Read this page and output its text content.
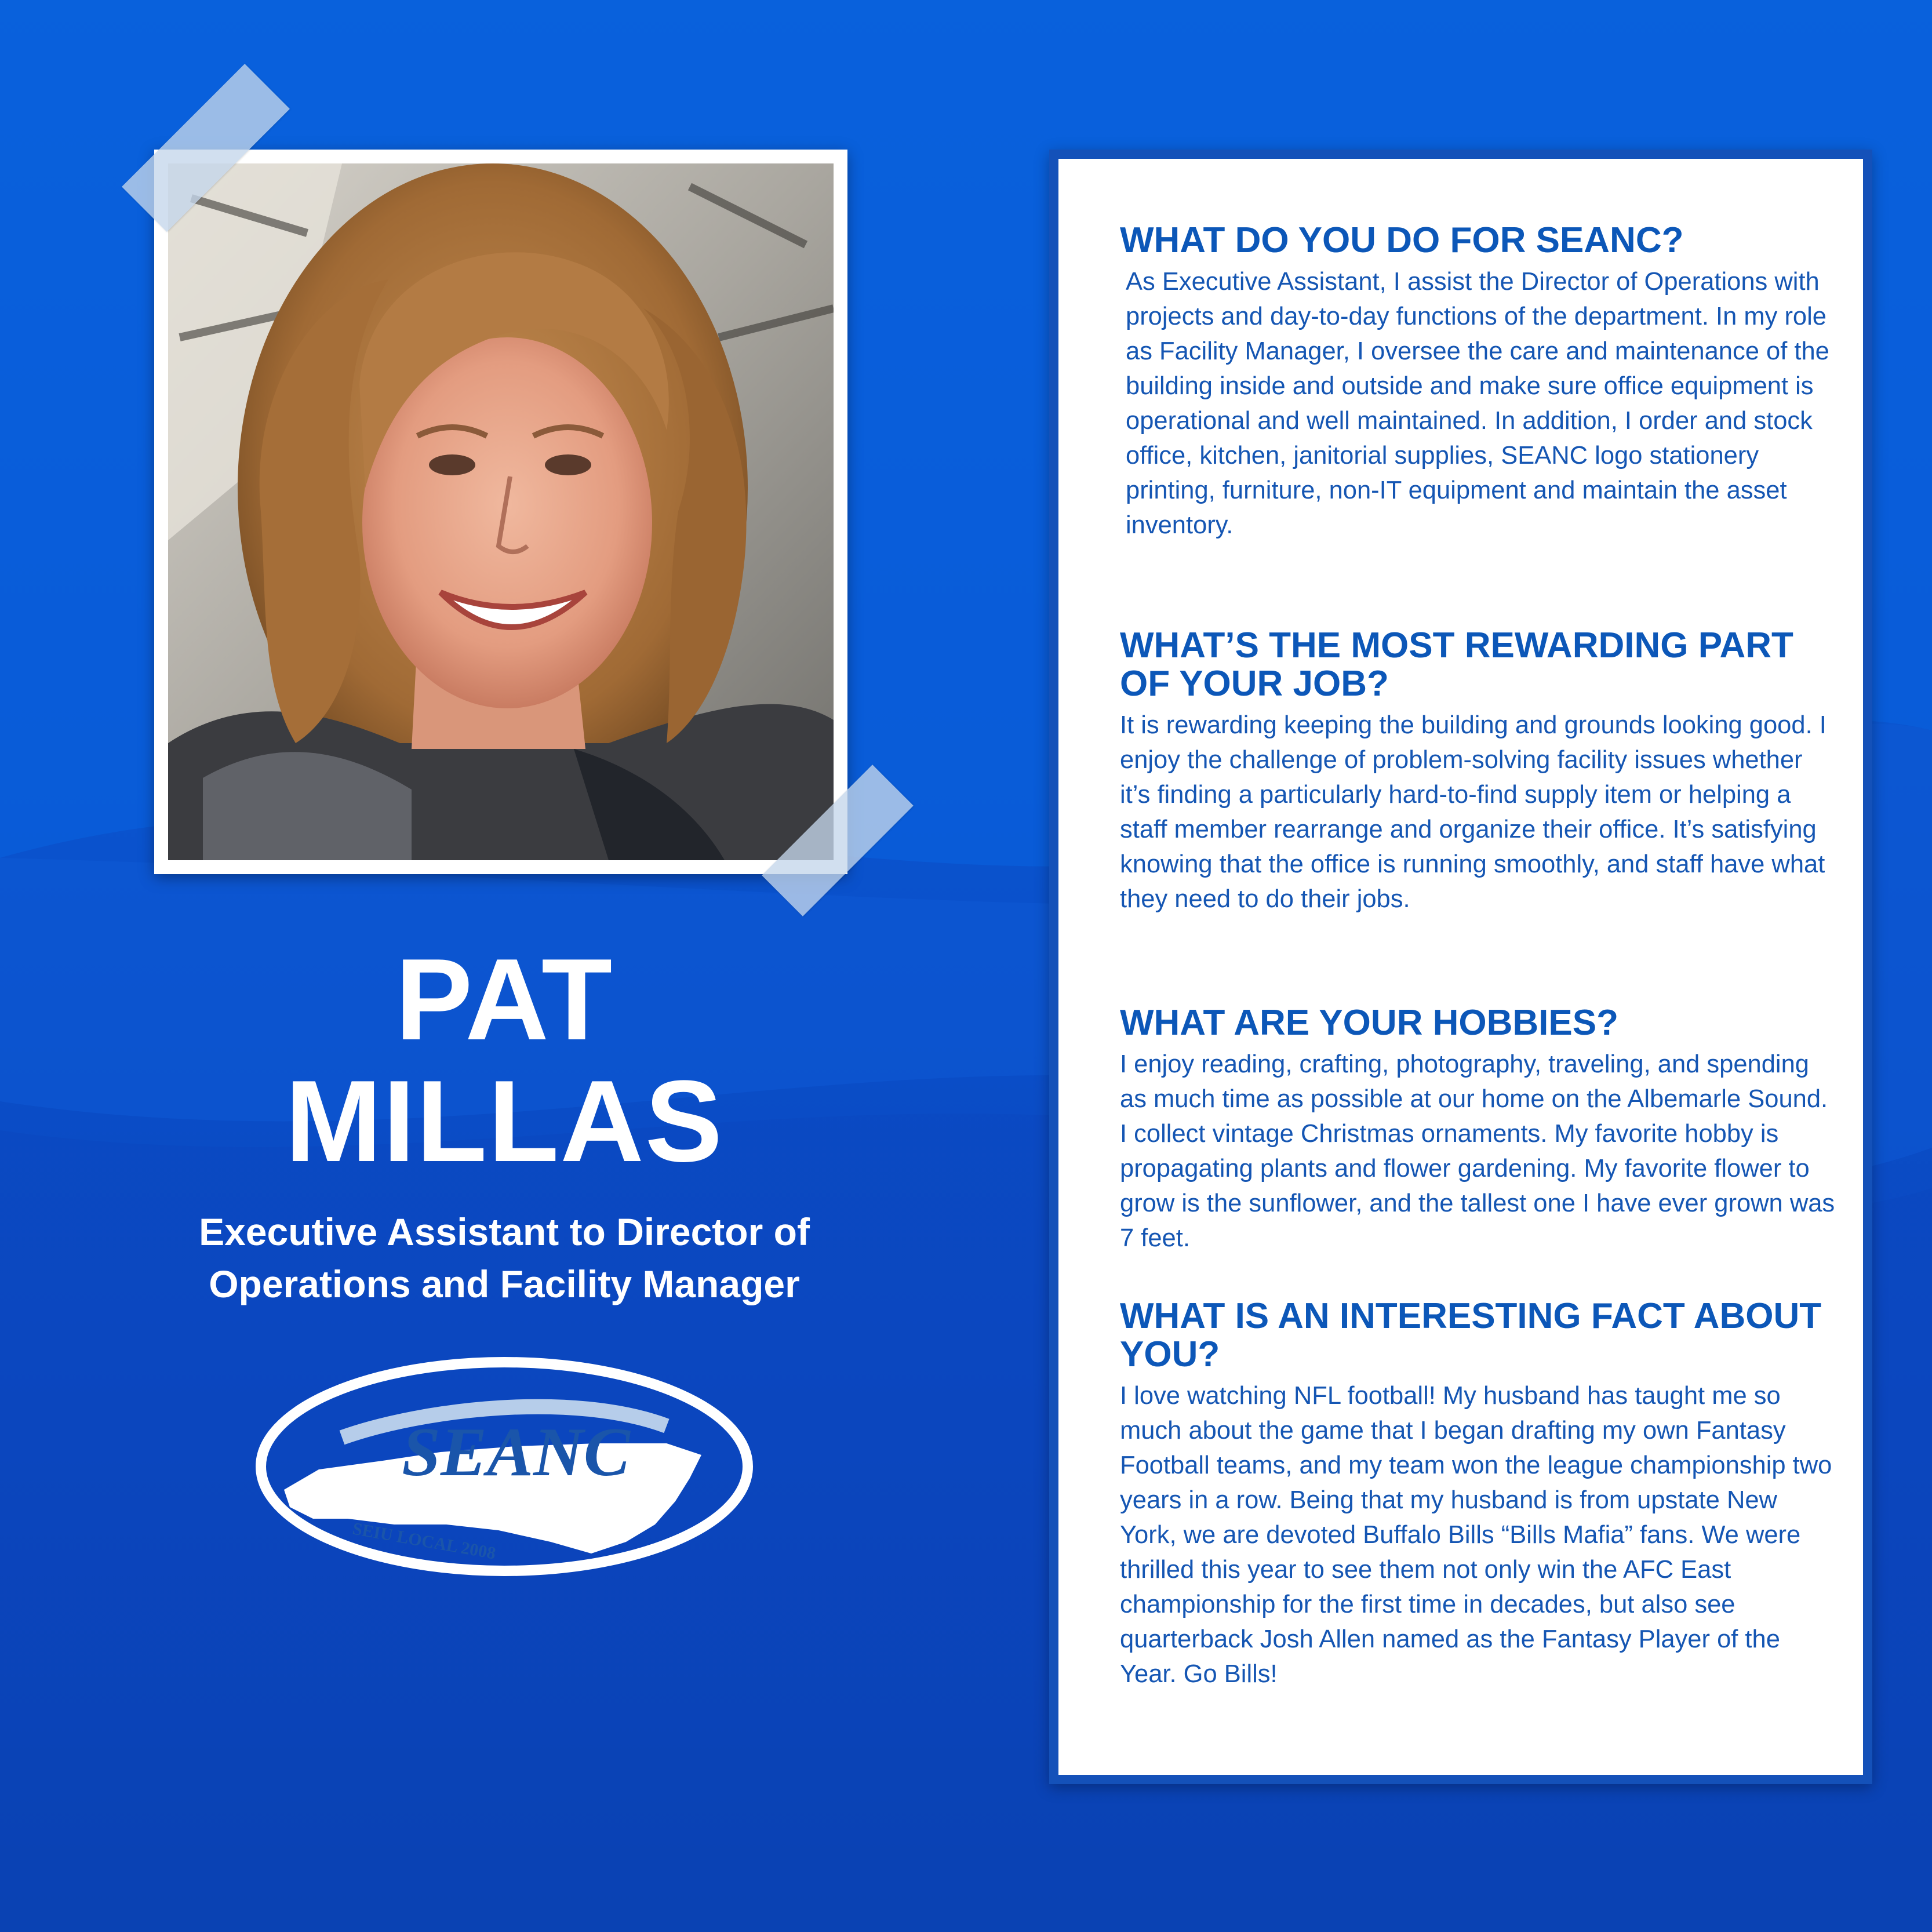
PAT
MILLAS
Executive Assistant to Director of
Operations and Facility Manager
SEANC
SEIU LOCAL 2008
WHAT DO YOU DO FOR SEANC?

As Executive Assistant, I assist the Director of Operations with projects and day-to-day functions of the department. In my role as Facility Manager, I oversee the care and maintenance of the building inside and outside and make sure office equipment is operational and well maintained. In addition, I order and stock office, kitchen, janitorial supplies, SEANC logo stationery printing, furniture, non-IT equipment and maintain the asset inventory.

WHAT’S THE MOST REWARDING PART OF YOUR JOB?

It is rewarding keeping the building and grounds looking good. I enjoy the challenge of problem-solving facility issues whether it’s finding a particularly hard-to-find supply item or helping a staff member rearrange and organize their office. It’s satisfying knowing that the office is running smoothly, and staff have what they need to do their jobs.

WHAT ARE YOUR HOBBIES?

I enjoy reading, crafting, photography, traveling, and spending as much time as possible at our home on the Albemarle Sound. I collect vintage Christmas ornaments. My favorite hobby is propagating plants and flower gardening. My favorite flower to grow is the sunflower, and the tallest one I have ever grown was 7 feet.

WHAT IS AN INTERESTING FACT ABOUT YOU?

I love watching NFL football! My husband has taught me so much about the game that I began drafting my own Fantasy Football teams, and my team won the league championship two years in a row. Being that my husband is from upstate New York, we are devoted Buffalo Bills “Bills Mafia” fans. We were thrilled this year to see them not only win the AFC East championship for the first time in decades, but also see quarterback Josh Allen named as the Fantasy Player of the Year. Go Bills!
